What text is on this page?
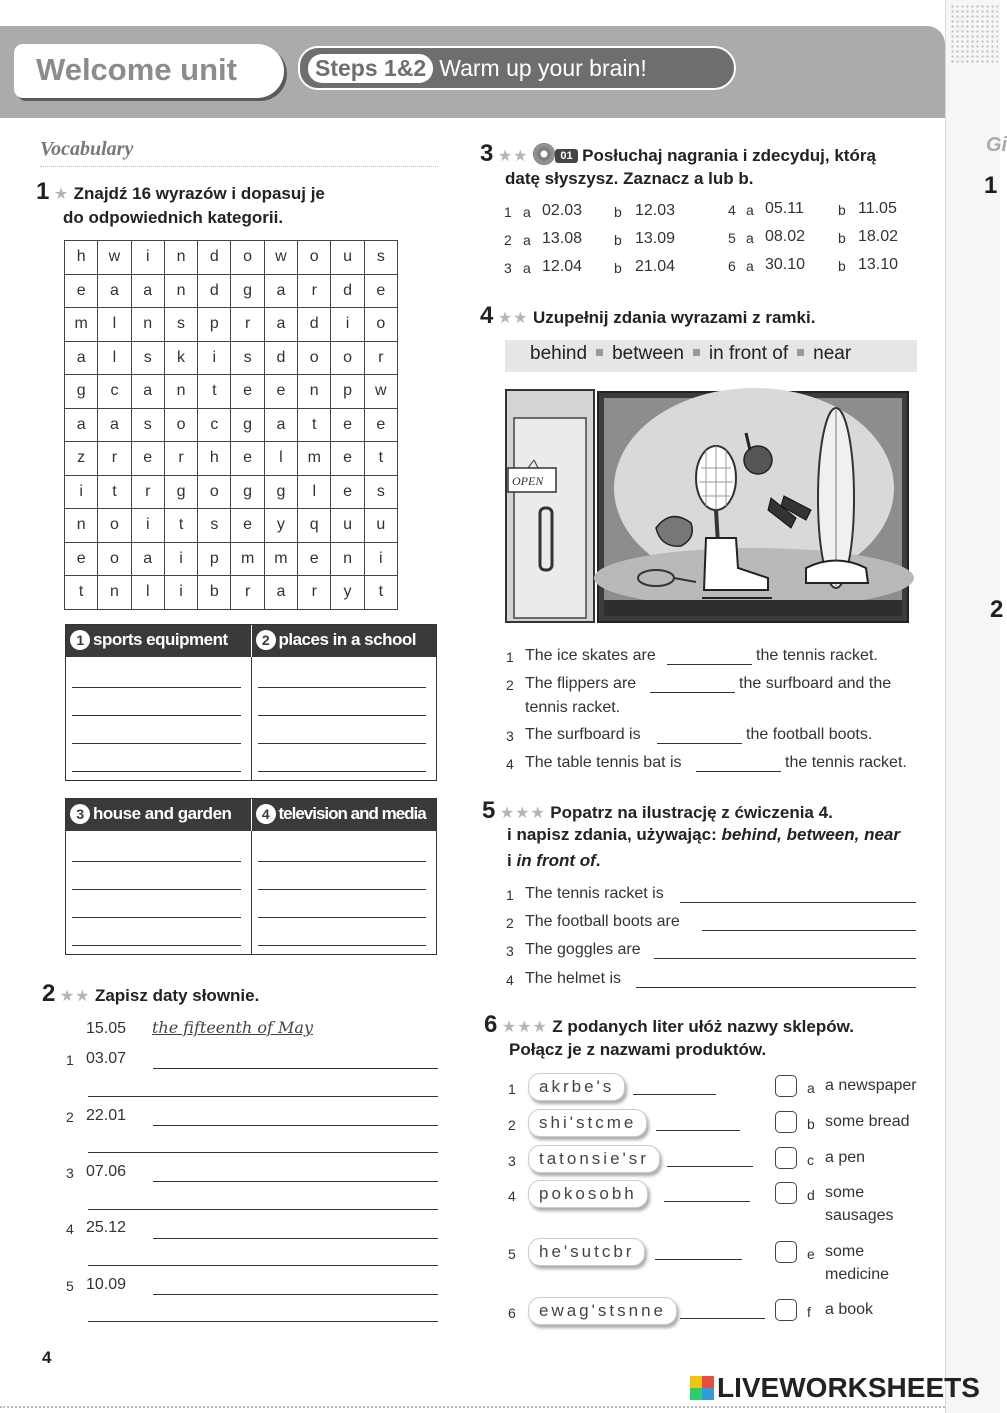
Gi
1
2
Welcome unit	Steps 1&2 Warm up your brain!
Vocabulary
1 ★ Znajdź 16 wyrazów i dopasuj je
do odpowiednich kategorii.
h	w	i	n	d	o	w	o	u	s
e	a	a	n	d	g	a	r	d	e
m	l	n	s	p	r	a	d	i	o
a	l	s	k	i	s	d	o	o	r
g	c	a	n	t	e	e	n	p	w
a	a	s	o	c	g	a	t	e	e
z	r	e	r	h	e	l	m	e	t
i	t	r	g	o	g	g	l	e	s
n	o	i	t	s	e	y	q	u	u
e	o	a	i	p	m	m	e	n	i
t	n	l	i	b	r	a	r	y	t
1 sports equipment	2 places in a school
3 house and garden	4 television and media
2 ★★ Zapisz daty słownie.
15.05 the fifteenth of May
1 03.07
2 22.01
3 07.06
4 25.12
5 10.09
4
3 ★★	01 Posłuchaj nagrania i zdecyduj, którą
datę słyszysz. Zaznacz a lub b.
1 a 02.03 b 12.03
2 a 13.08 b 13.09
3 a 12.04 b 21.04
4 a 05.11 b 11.05
5 a 08.02 b 18.02
6 a 30.10 b 13.10
4 ★★ Uzupełnij zdania wyrazami z ramki.
behind between in front of near
OPEN
1 The ice skates are	the tennis racket.
2 The flippers are	the surfboard and the
tennis racket.
3 The surfboard is	the football boots.
4 The table tennis bat is	the tennis racket.
5 ★★★ Popatrz na ilustrację z ćwiczenia 4.
i napisz zdania, używając: behind, between, near
i in front of.
1 The tennis racket is
2 The football boots are
3 The goggles are
4 The helmet is
6 ★★★ Z podanych liter ułóż nazwy sklepów.
Połącz je z nazwami produktów.
1	akrbe's
2	shi'stcme
3	tatonsie'sr
4	pokosobh
5	he'sutcbr
6	ewag'stsnne
a a newspaper
b some bread
c a pen
d some
sausages
e some
medicine
f a book
LIVEWORKSHEETS
